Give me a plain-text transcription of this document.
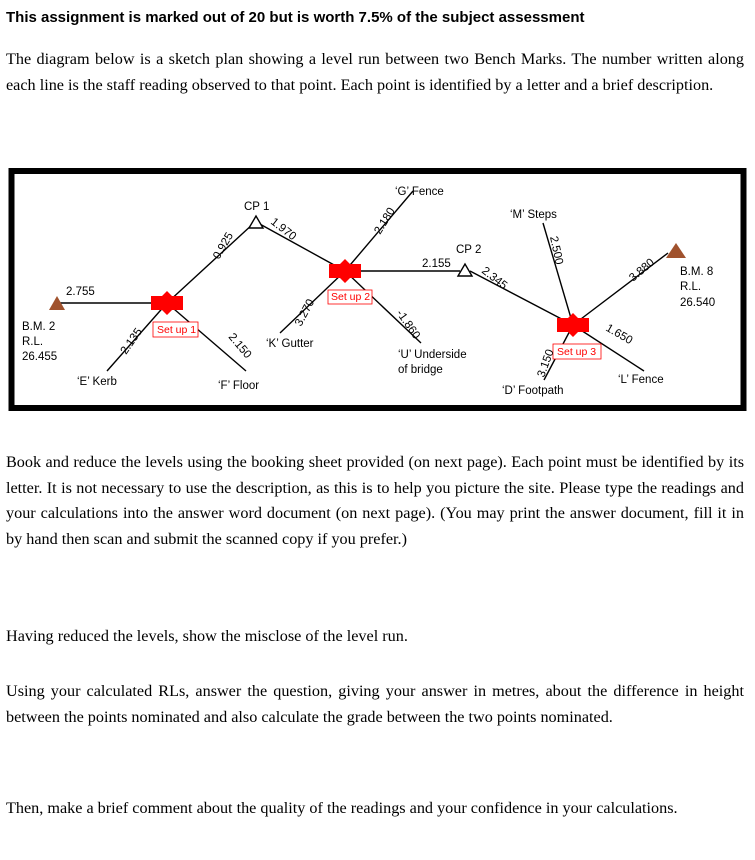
This assignment is marked out of 20 but is worth 7.5% of the subject assessment
The diagram below is a sketch plan showing a level run between two Bench Marks. The number written along each line is the staff reading observed to that point. Each point is identified by a letter and a brief description.
Set up 1
Set up 2
Set up 3
B.M. 2
R.L.
26.455
B.M. 8
R.L.
26.540
CP 1
CP 2
‘E’ Kerb	‘F’ Floor
‘K’ Gutter
‘G’ Fence
‘U’ Underside
of bridge
‘M’ Steps
‘D’ Footpath
‘L’ Fence
2.755
2.135	2.150
0.925
1.970
3.270
2.180
2.155
-1.860
2.345
2.500
3.150
1.650
3.880
Book and reduce the levels using the booking sheet provided (on next page). Each point must be identified by its letter. It is not necessary to use the description, as this is to help you picture the site. Please type the readings and your calculations into the answer word document (on next page). (You may print the answer document, fill it in by hand then scan and submit the scanned copy if you prefer.)
Having reduced the levels, show the misclose of the level run.
Using your calculated RLs, answer the question, giving your answer in metres, about the difference in height between the points nominated and also calculate the grade between the two points nominated.
Then, make a brief comment about the quality of the readings and your confidence in your calculations.
